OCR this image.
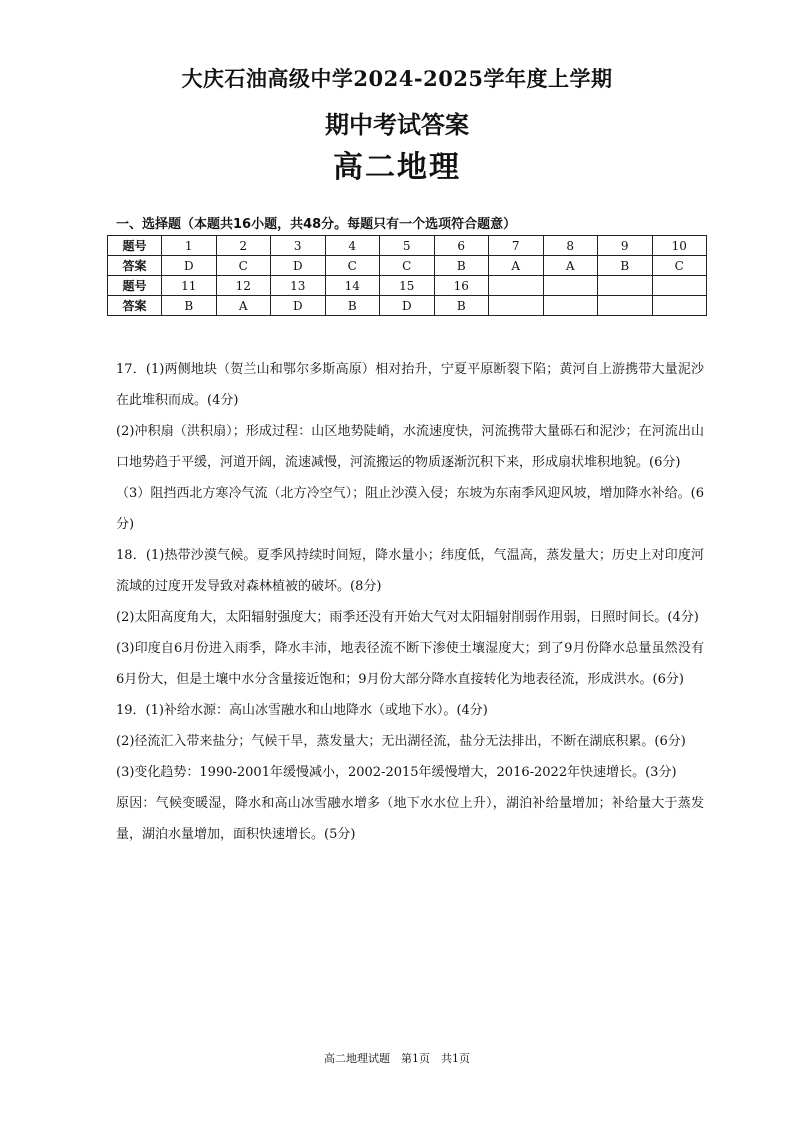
大庆石油高级中学2024-2025学年度上学期
期中考试答案
高二地理
一、选择题（本题共16小题，共48分。每题只有一个选项符合题意）
题号	1	2	3	4	5	6	7	8	9	10
答案	D	C	D	C	C	B	A	A	B	C
题号	11	12	13	14	15	16				
答案	B	A	D	B	D	B				

17．(1)两侧地块（贺兰山和鄂尔多斯高原）相对抬升，宁夏平原断裂下陷；黄河自上游携带大量泥沙在此堆积而成。(4分)

(2)冲积扇（洪积扇）；形成过程：山区地势陡峭，水流速度快，河流携带大量砾石和泥沙；在河流出山口地势趋于平缓，河道开阔，流速减慢，河流搬运的物质逐渐沉积下来，形成扇状堆积地貌。(6分)

（3）阻挡西北方寒冷气流（北方冷空气）；阻止沙漠入侵；东坡为东南季风迎风坡，增加降水补给。(6分)

18．(1)热带沙漠气候。夏季风持续时间短，降水量小；纬度低，气温高，蒸发量大；历史上对印度河流域的过度开发导致对森林植被的破坏。(8分)

(2)太阳高度角大，太阳辐射强度大；雨季还没有开始大气对太阳辐射削弱作用弱，日照时间长。(4分)

(3)印度自6月份进入雨季，降水丰沛，地表径流不断下渗使土壤湿度大；到了9月份降水总量虽然没有6月份大，但是土壤中水分含量接近饱和；9月份大部分降水直接转化为地表径流，形成洪水。(6分)

19．(1)补给水源：高山冰雪融水和山地降水（或地下水）。(4分)

(2)径流汇入带来盐分；气候干旱，蒸发量大；无出湖径流，盐分无法排出，不断在湖底积累。(6分)

(3)变化趋势：1990-2001年缓慢减小，2002-2015年缓慢增大，2016-2022年快速增长。(3分)

原因：气候变暖湿，降水和高山冰雪融水增多（地下水水位上升），湖泊补给量增加；补给量大于蒸发量，湖泊水量增加，面积快速增长。(5分)

高二地理试题　第1页　共1页
